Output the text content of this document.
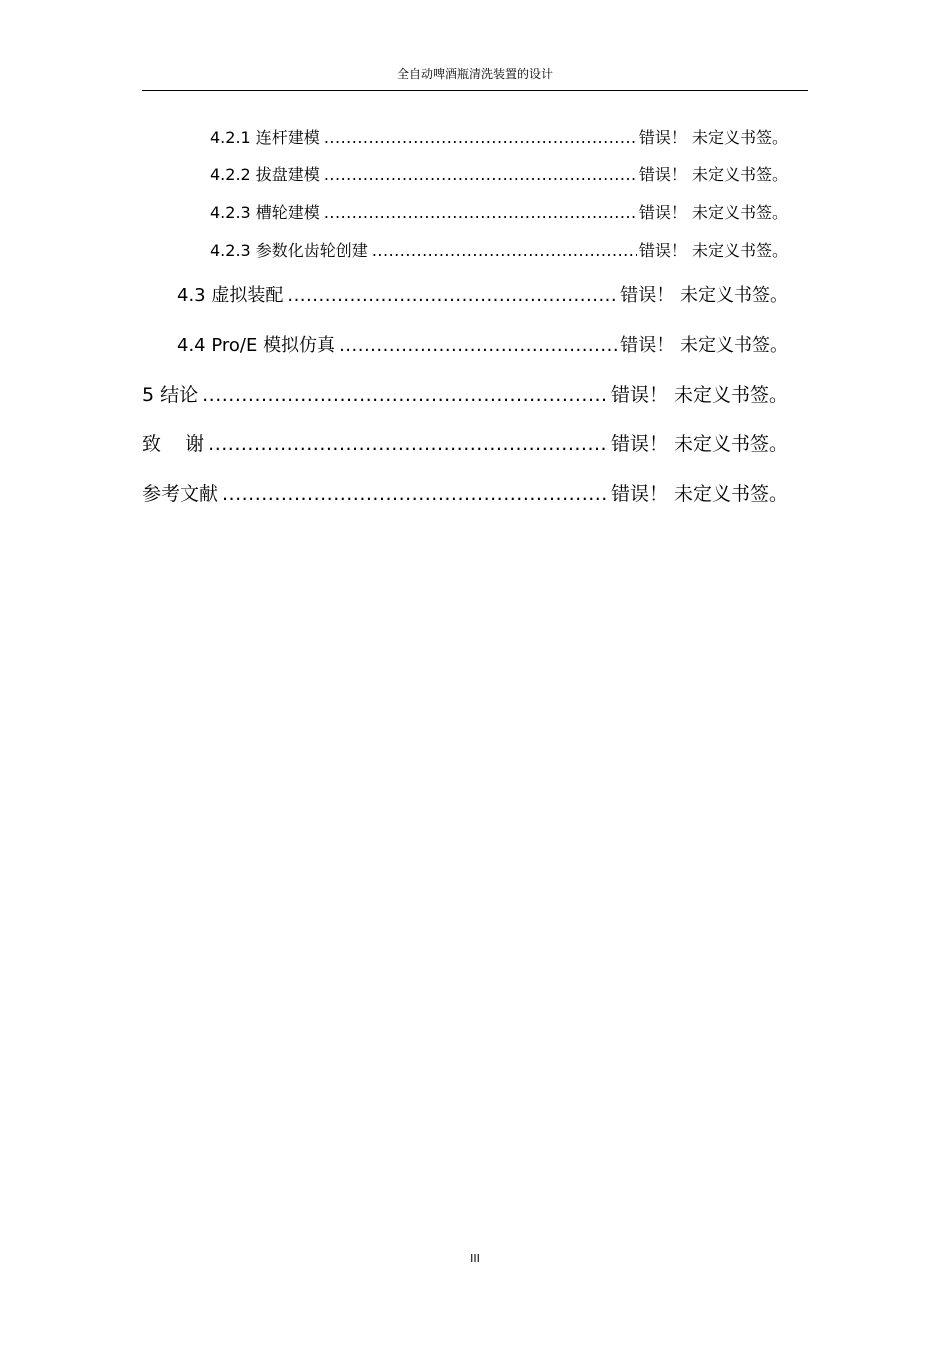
全自动啤酒瓶清洗装置的设计
4.2.1 连杆建模 .....	错误！ 未定义书签。
4.2.2 拔盘建模 .....	错误！ 未定义书签。
4.2.3 槽轮建模 .....	错误！ 未定义书签。
4.2.3 参数化齿轮创建 .....	错误！ 未定义书签。
4.3 虚拟装配 .....	错误！ 未定义书签。
4.4 Pro/E 模拟仿真 .....	错误！ 未定义书签。
5 结论 .....	错误！ 未定义书签。
致    谢 .....	错误！ 未定义书签。
参考文献 .....	错误！ 未定义书签。
III
